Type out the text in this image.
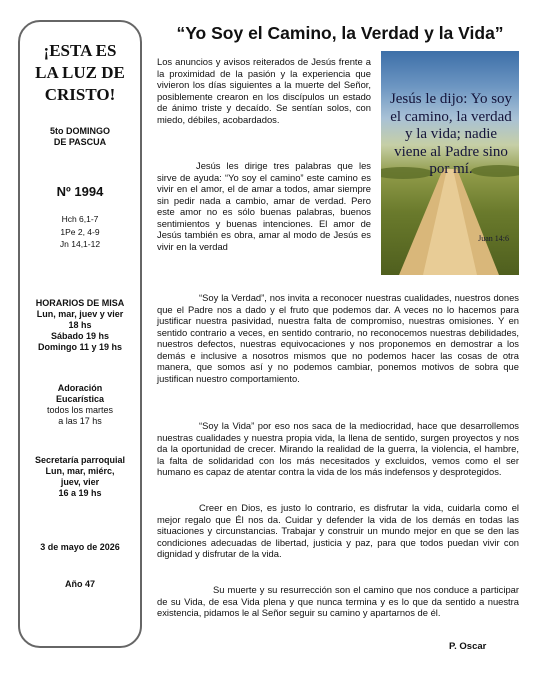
¡ESTA ES
LA LUZ DE
CRISTO!
5to DOMINGO
DE PASCUA
Nº 1994
Hch 6,1-7
1Pe 2, 4-9
Jn 14,1-12
HORARIOS DE MISA
Lun, mar, juev y vier
18 hs
Sábado 19 hs
Domingo 11 y 19 hs
Adoración
Eucarística
todos los martes
a las 17 hs
Secretaría parroquial
Lun, mar, miérc,
juev, vier
16 a 19 hs
3 de mayo de 2026
Año 47
“Yo Soy el Camino, la Verdad y la Vida”

Los anuncios y avisos reiterados de Jesús frente a la proximidad de la pasión y la experiencia que vivieron los días siguientes a la muerte del Señor, posiblemente crearon en los discípulos un estado de ánimo triste y decaído. Se sentían solos, con miedo, débiles, acobardados.

Jesús les dirige tres palabras que les sirve de ayuda: “Yo soy el camino” este camino es vivir en el amor, el de amar a todos, amar siempre sin pedir nada a cambio, amar de verdad. Pero este amor no es sólo buenas palabras, buenos sentimientos y buenas intenciones. El amor de Jesús también es obra, amar al modo de Jesús es vivir en la verdad

Jesús le dijo: Yo soy el camino, la verdad y la vida; nadie viene al Padre sino por mí.
Juan 14:6

“Soy la Verdad”, nos invita a reconocer nuestras cualidades, nuestros dones que el Padre nos a dado y el fruto que podemos dar. A veces no lo hacemos para justificar nuestra pasividad, nuestra falta de compromiso, nuestras omisiones. Y en sentido contrario a veces, en sentido contrario, no reconocemos nuestras debilidades, nuestros defectos, nuestras equivocaciones y nos proponemos en demostrar a los demás e inclusive a nosotros mismos que no podemos hacer las cosas de otra manera, que somos así y no podemos cambiar, ponemos motivos de sobra que justifican nuestro comportamiento.

“Soy la Vida” por eso nos saca de la mediocridad, hace que desarrollemos nuestras cualidades y nuestra propia vida, la llena de sentido, surgen proyectos y nos da la oportunidad de crecer. Mirando la realidad de la guerra, la violencia, el hambre, la falta de solidaridad con los más necesitados y excluidos, vemos como el ser humano es capaz de atentar contra la vida de los más indefensos y desprotegidos.

Creer en Dios, es justo lo contrario, es disfrutar la vida, cuidarla como el mejor regalo que Él nos da. Cuidar y defender la vida de los demás en todas las situaciones y circunstancias. Trabajar y construir un mundo mejor en que se den las condiciones adecuadas de libertad, justicia y paz, para que todos puedan vivir con dignidad y disfrutar de la vida.

Su muerte y su resurrección son el camino que nos conduce a participar de su Vida, de esa Vida plena y que nunca termina y es lo que da sentido a nuestra existencia, pidamos le al Señor seguir su camino y apartarnos de él.

P. Oscar
